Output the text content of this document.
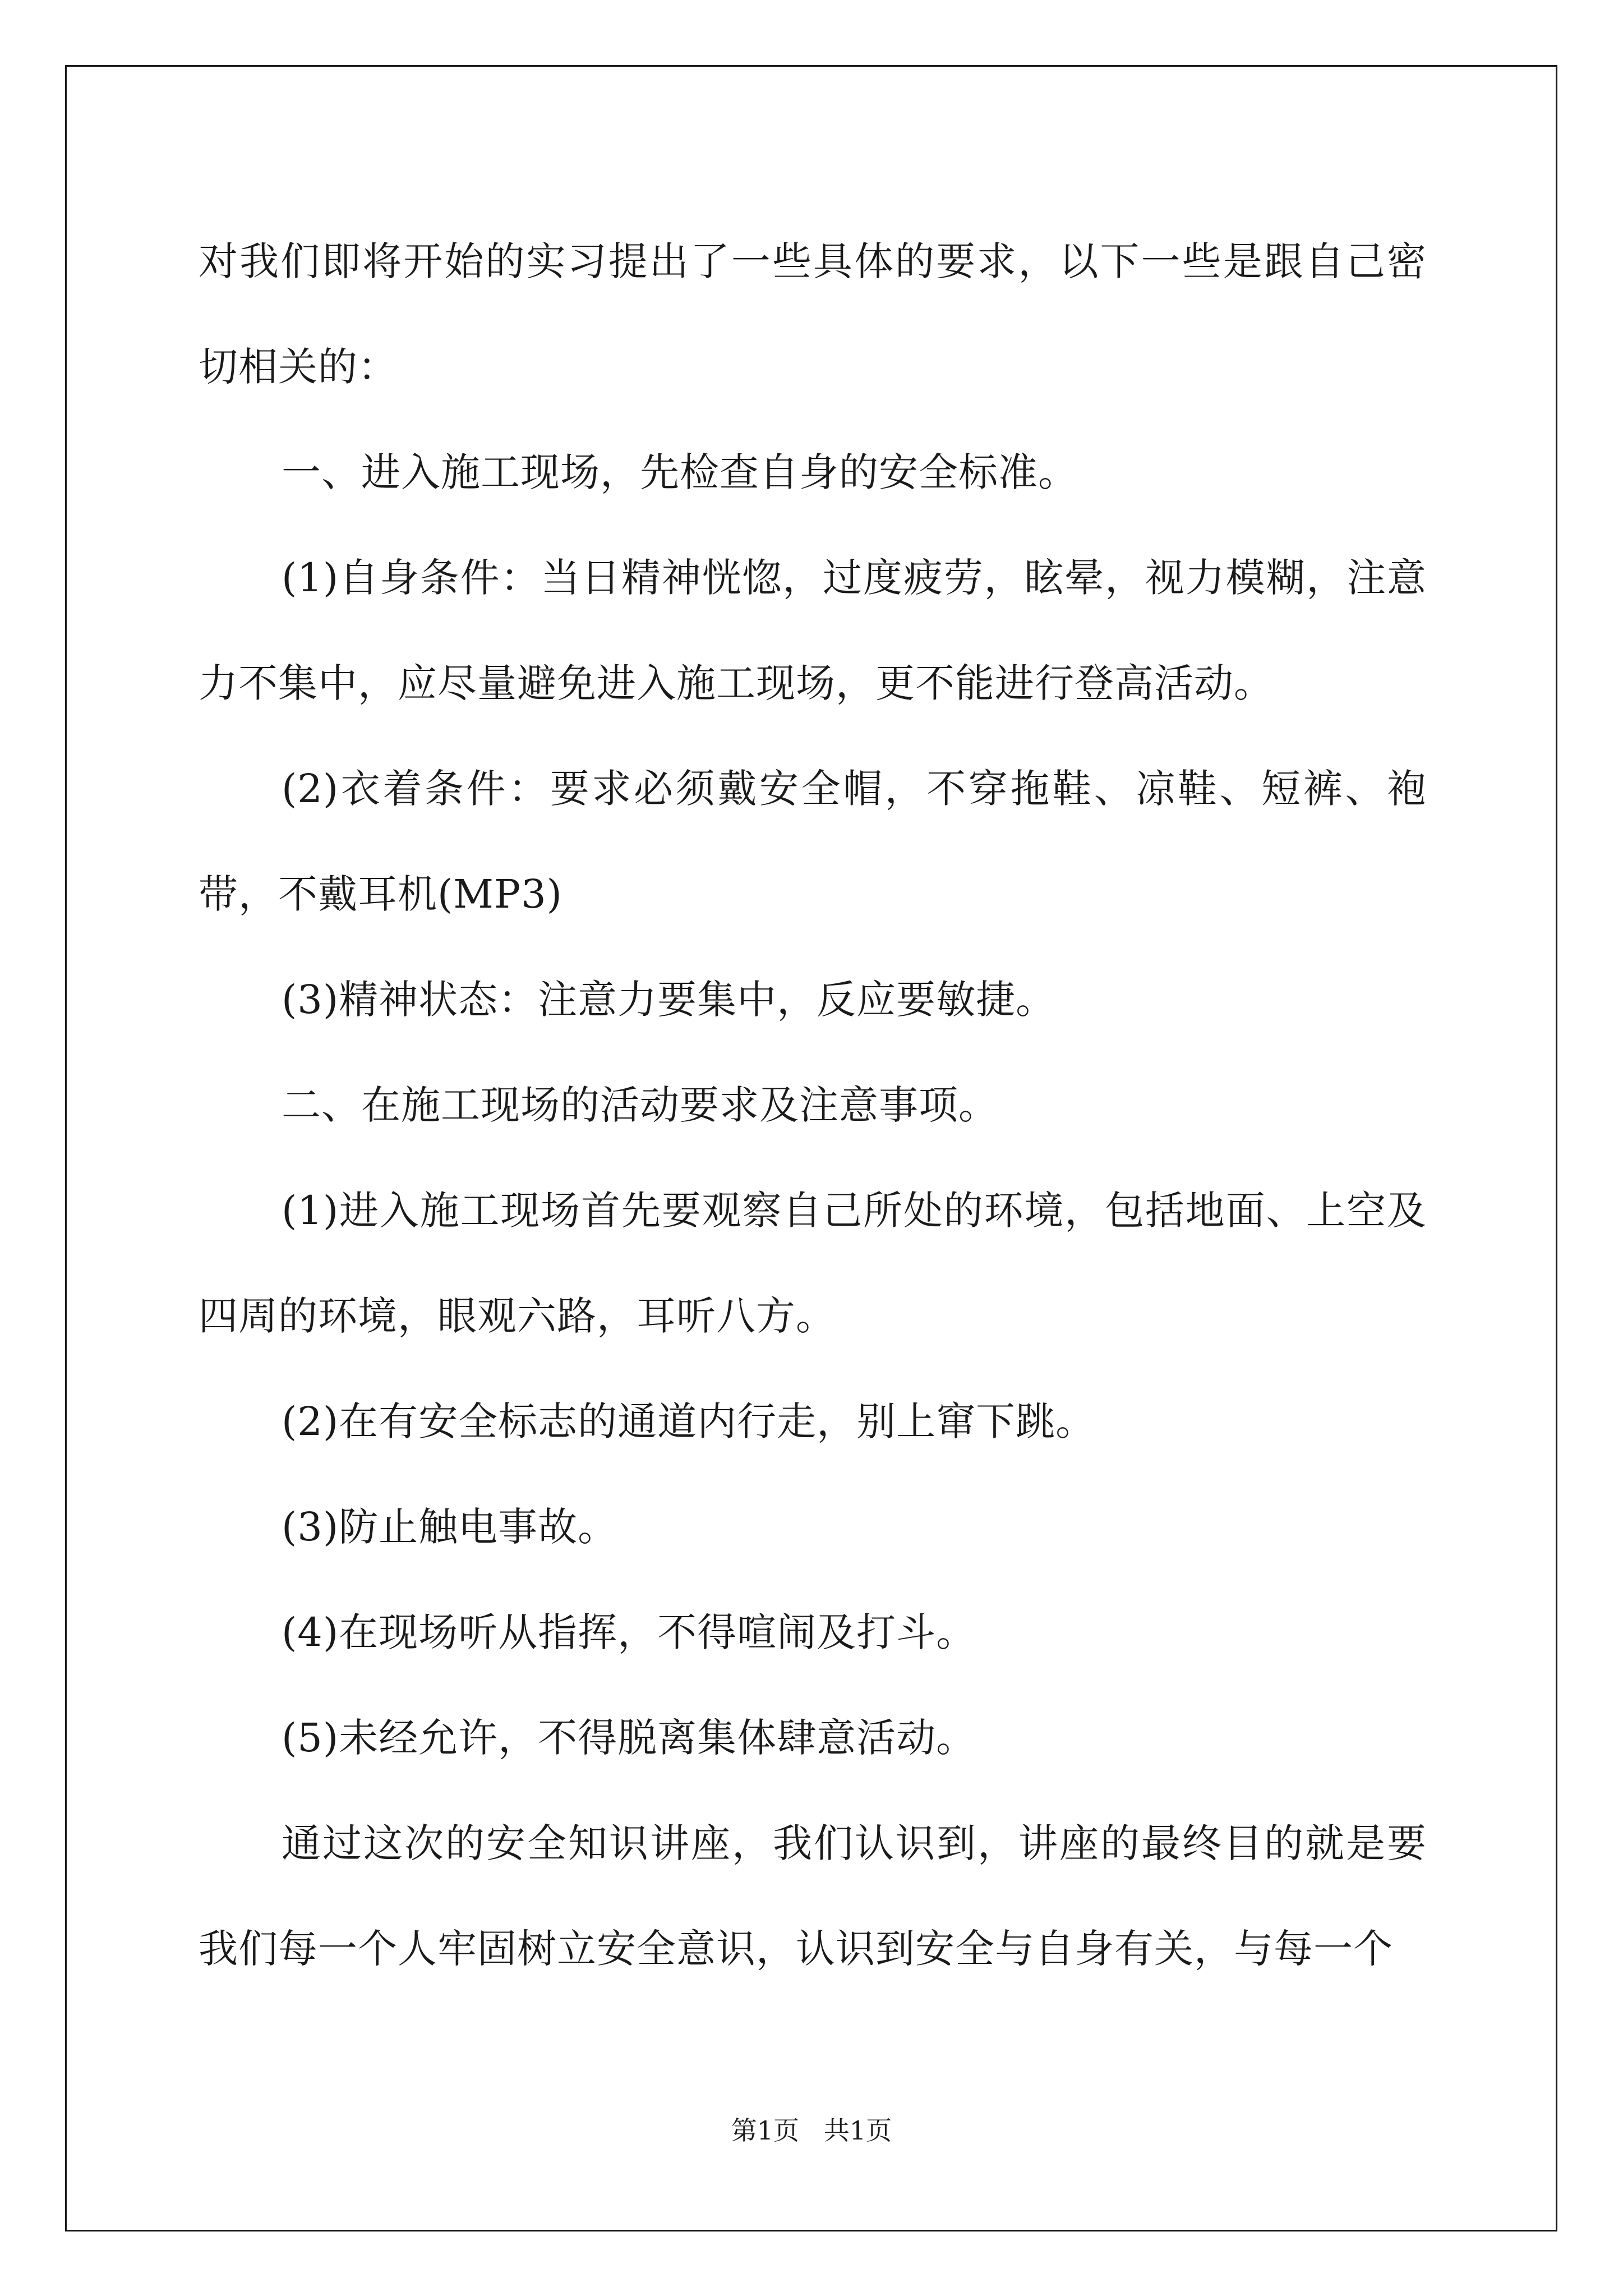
对我们即将开始的实习提出了一些具体的要求，以下一些是跟自己密切相关的：

一、进入施工现场，先检查自身的安全标准。

(1)自身条件：当日精神恍惚，过度疲劳，眩晕，视力模糊，注意力不集中，应尽量避免进入施工现场，更不能进行登高活动。

(2)衣着条件：要求必须戴安全帽，不穿拖鞋、凉鞋、短裤、袍带，不戴耳机(MP3)

(3)精神状态：注意力要集中，反应要敏捷。

二、在施工现场的活动要求及注意事项。

(1)进入施工现场首先要观察自己所处的环境，包括地面、上空及四周的环境，眼观六路，耳听八方。

(2)在有安全标志的通道内行走，别上窜下跳。

(3)防止触电事故。

(4)在现场听从指挥，不得喧闹及打斗。

(5)未经允许，不得脱离集体肆意活动。

通过这次的安全知识讲座，我们认识到，讲座的最终目的就是要我们每一个人牢固树立安全意识，认识到安全与自身有关，与每一个

第1页   共1页
